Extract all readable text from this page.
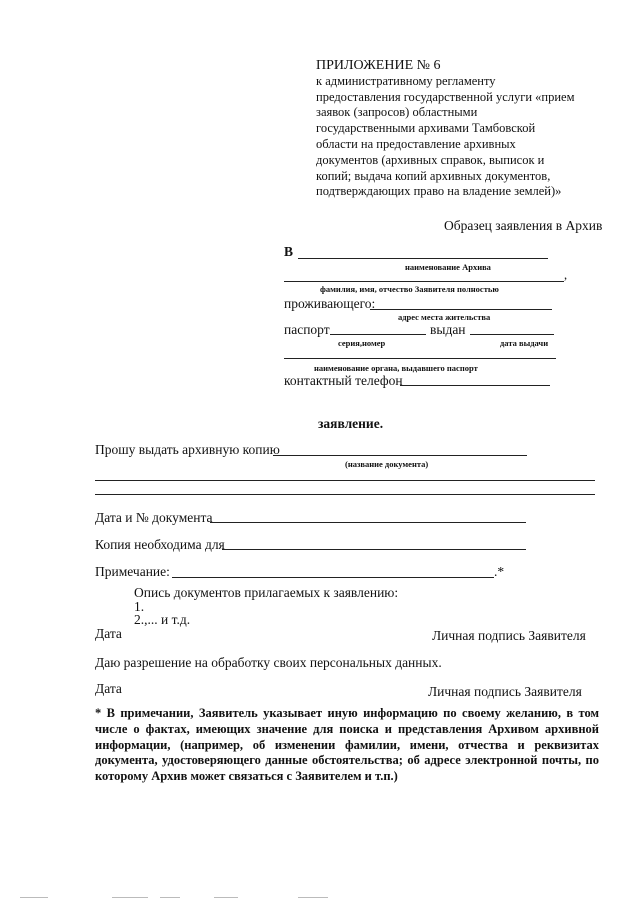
ПРИЛОЖЕНИЕ № 6
к административному регламенту
предоставления государственной услуги «прием
заявок (запросов) областными
государственными архивами Тамбовской
области на предоставление архивных
документов (архивных справок, выписок и
копий; выдача копий архивных документов,
подтверждающих право на владение землей)»
Образец заявления в Архив
В
наименование Архива
,
фамилия, имя, отчество Заявителя полностью
проживающего:
адрес места жительства
паспорт	выдан
серия,номер	дата выдачи
наименование органа, выдавшего паспорт
контактный телефон
заявление.
Прошу выдать архивную копию
(название документа)
Дата и № документа
Копия необходима для
Примечание:	.*
Опись документов прилагаемых к заявлению:
1.
2.,... и т.д.
Дата	Личная подпись Заявителя
Даю разрешение на обработку своих персональных данных.
Дата	Личная подпись Заявителя
* В примечании, Заявитель указывает иную информацию по своему желанию, в том числе о фактах, имеющих значение для поиска и представления Архивом архивной информации, (например, об изменении фамилии, имени, отчества и реквизитах документа, удостоверяющего данные обстоятельства; об адресе электронной почты, по которому Архив может связаться с Заявителем и т.п.)
